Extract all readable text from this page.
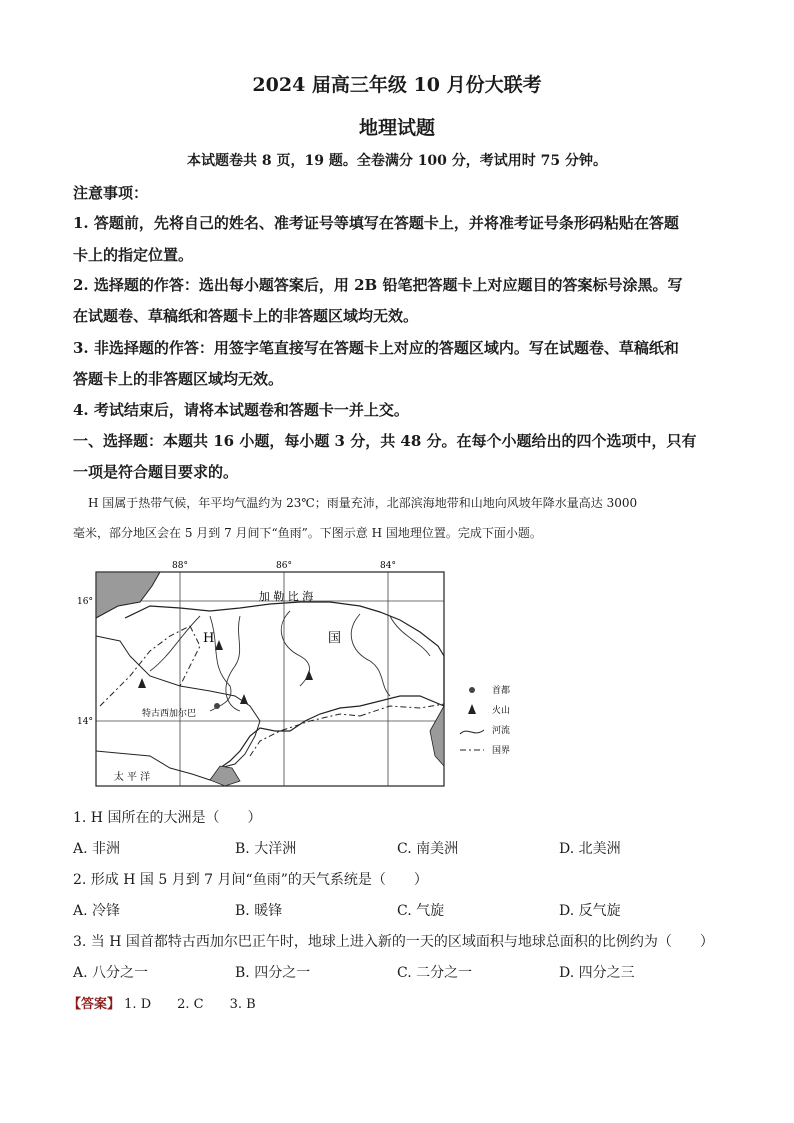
2024 届高三年级 10 月份大联考
地理试题
本试题卷共 8 页，19 题。全卷满分 100 分，考试用时 75 分钟。
注意事项：
1. 答题前，先将自己的姓名、准考证号等填写在答题卡上，并将准考证号条形码粘贴在答题
卡上的指定位置。
2. 选择题的作答：选出每小题答案后，用 2B 铅笔把答题卡上对应题目的答案标号涂黑。写
在试题卷、草稿纸和答题卡上的非答题区域均无效。
3. 非选择题的作答：用签字笔直接写在答题卡上对应的答题区域内。写在试题卷、草稿纸和
答题卡上的非答题区域均无效。
4. 考试结束后，请将本试题卷和答题卡一并上交。
一、选择题：本题共 16 小题，每小题 3 分，共 48 分。在每个小题给出的四个选项中，只有
一项是符合题目要求的。
H 国属于热带气候，年平均气温约为 23℃；雨量充沛，北部滨海地带和山地向风坡年降水量高达 3000
毫米，部分地区会在 5 月到 7 月间下“鱼雨”。下图示意 H 国地理位置。完成下面小题。
88°	86°	84°
16°
14°
加 勒 比 海
太 平 洋
H	国
特古西加尔巴
首都
火山
河流
国界
1. H 国所在的大洲是（　　）
A. 非洲	B. 大洋洲	C. 南美洲	D. 北美洲
2. 形成 H 国 5 月到 7 月间“鱼雨”的天气系统是（　　）
A. 冷锋	B. 暖锋	C. 气旋	D. 反气旋
3. 当 H 国首都特古西加尔巴正午时，地球上进入新的一天的区域面积与地球总面积的比例约为（　　）
A. 八分之一	B. 四分之一	C. 二分之一	D. 四分之三
【答案】 1. D　　2. C　　3. B
